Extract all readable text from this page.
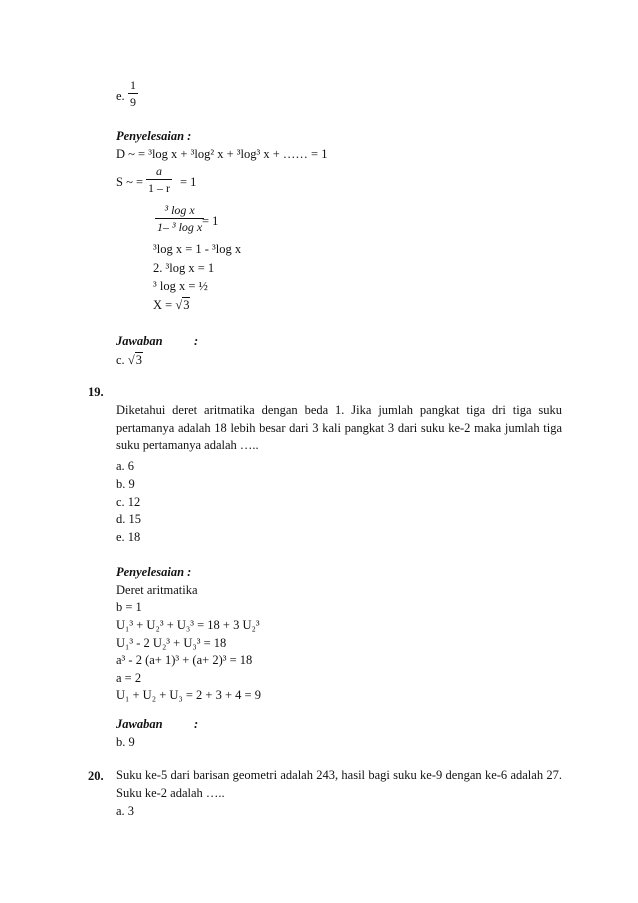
e. $\frac{1}{9}$
Penyelesaian :
D ~ = ³log x + ³log² x + ³log³ x + …… = 1
S ~ = $\frac{a}{1 - r} = 1$
$\frac{\text{³ log x}}{\text{1– ³ log x}}$
= 1
³log x = 1 - ³log x
2. ³log x = 1
³ log x = ½
X = √3
Jawaban	:
c. √3
19.
Diketahui deret aritmatika dengan beda 1. Jika jumlah pangkat tiga dri tiga suku pertamanya adalah 18 lebih besar dari 3 kali pangkat 3 dari suku ke-2 maka jumlah tiga suku pertamanya adalah …..
a. 6
b. 9
c. 12
d. 15
e. 18
Penyelesaian :
Deret aritmatika
b = 1
U₁³ + U₂³ + U₃³ = 18 + 3 U₂³
U₁³ - 2 U₂³ + U₃³ = 18
a³ - 2 (a+ 1)³ + (a+ 2)³ = 18
a = 2
U₁ + U₂ + U₃ = 2 + 3 + 4 = 9
Jawaban	:
b. 9
20. Suku ke-5 dari barisan geometri adalah 243, hasil bagi suku ke-9 dengan ke-6 adalah 27. Suku ke-2 adalah …..
a. 3
